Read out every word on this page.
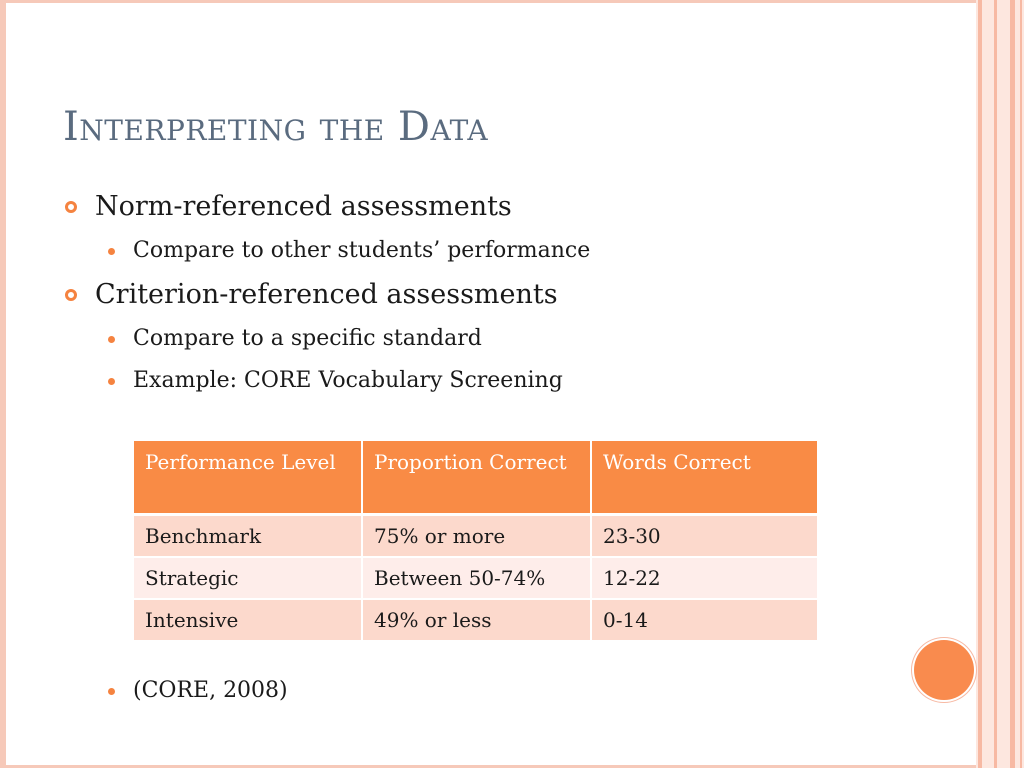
Interpreting the Data
Norm-referenced assessments
Compare to other students’ performance
Criterion-referenced assessments
Compare to a specific standard
Example: CORE Vocabulary Screening
Performance Level	Proportion Correct	Words Correct
Benchmark	75% or more	23-30
Strategic	Between 50-74%	12-22
Intensive	49% or less	0-14
(CORE, 2008)
